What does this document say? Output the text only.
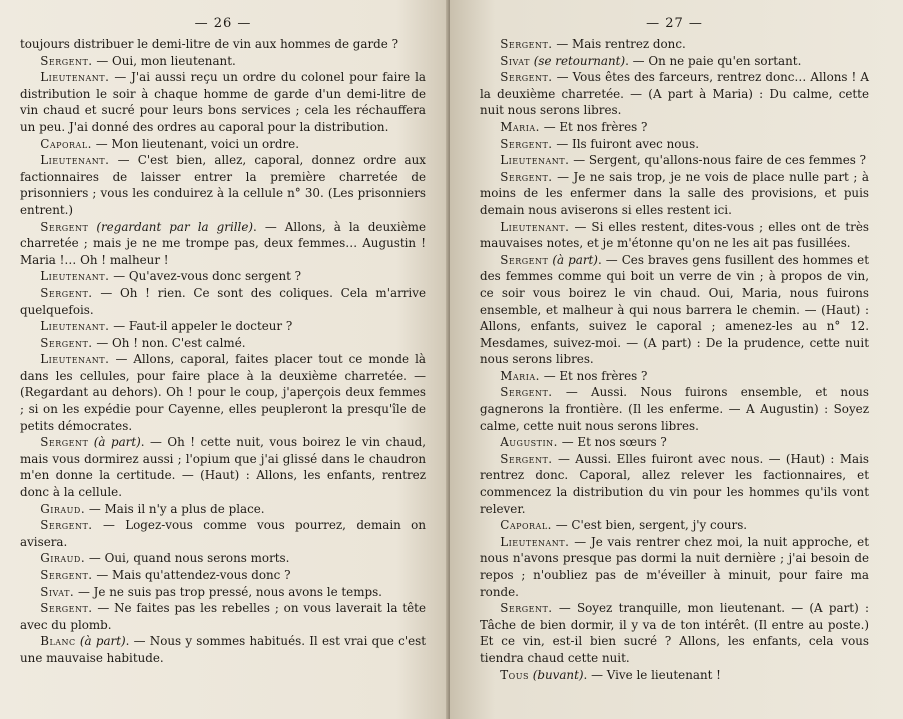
— 26 —

toujours distribuer le demi-litre de vin aux hommes de garde ?

Sergent. — Oui, mon lieutenant.

Lieutenant. — J'ai aussi reçu un ordre du colonel pour faire la distribution le soir à chaque homme de garde d'un demi-litre de vin chaud et sucré pour leurs bons services ; cela les réchauffera un peu. J'ai donné des ordres au caporal pour la distribution.

Caporal. — Mon lieutenant, voici un ordre.

Lieutenant. — C'est bien, allez, caporal, donnez ordre aux factionnaires de laisser entrer la première charretée de prisonniers ; vous les conduirez à la cellule n° 30. (Les prisonniers entrent.)

Sergent (regardant par la grille). — Allons, à la deuxième charretée ; mais je ne me trompe pas, deux femmes… Augustin ! Maria !… Oh ! malheur !

Lieutenant. — Qu'avez-vous donc sergent ?

Sergent. — Oh ! rien. Ce sont des coliques. Cela m'arrive quelquefois.

Lieutenant. — Faut-il appeler le docteur ?

Sergent. — Oh ! non. C'est calmé.

Lieutenant. — Allons, caporal, faites placer tout ce monde là dans les cellules, pour faire place à la deuxième charretée. — (Regardant au dehors). Oh ! pour le coup, j'aperçois deux femmes ; si on les expédie pour Cayenne, elles peupleront la presqu'île de petits démocrates.

Sergent (à part). — Oh ! cette nuit, vous boirez le vin chaud, mais vous dormirez aussi ; l'opium que j'ai glissé dans le chaudron m'en donne la certitude. — (Haut) : Allons, les enfants, rentrez donc à la cellule.

Giraud. — Mais il n'y a plus de place.

Sergent. — Logez-vous comme vous pourrez, demain on avisera.

Giraud. — Oui, quand nous serons morts.

Sergent. — Mais qu'attendez-vous donc ?

Sivat. — Je ne suis pas trop pressé, nous avons le temps.

Sergent. — Ne faites pas les rebelles ; on vous laverait la tête avec du plomb.

Blanc (à part). — Nous y sommes habitués. Il est vrai que c'est une mauvaise habitude.

— 27 —

Sergent. — Mais rentrez donc.

Sivat (se retournant). — On ne paie qu'en sortant.

Sergent. — Vous êtes des farceurs, rentrez donc… Allons ! A la deuxième charretée. — (A part à Maria) : Du calme, cette nuit nous serons libres.

Maria. — Et nos frères ?

Sergent. — Ils fuiront avec nous.

Lieutenant. — Sergent, qu'allons-nous faire de ces femmes ?

Sergent. — Je ne sais trop, je ne vois de place nulle part ; à moins de les enfermer dans la salle des provisions, et puis demain nous aviserons si elles restent ici.

Lieutenant. — Si elles restent, dites-vous ; elles ont de très mauvaises notes, et je m'étonne qu'on ne les ait pas fusillées.

Sergent (à part). — Ces braves gens fusillent des hommes et des femmes comme qui boit un verre de vin ; à propos de vin, ce soir vous boirez le vin chaud. Oui, Maria, nous fuirons ensemble, et malheur à qui nous barrera le chemin. — (Haut) : Allons, enfants, suivez le caporal ; amenez-les au n° 12. Mesdames, suivez-moi. — (A part) : De la prudence, cette nuit nous serons libres.

Maria. — Et nos frères ?

Sergent. — Aussi. Nous fuirons ensemble, et nous gagnerons la frontière. (Il les enferme. — A Augustin) : Soyez calme, cette nuit nous serons libres.

Augustin. — Et nos sœurs ?

Sergent. — Aussi. Elles fuiront avec nous. — (Haut) : Mais rentrez donc. Caporal, allez relever les factionnaires, et commencez la distribution du vin pour les hommes qu'ils vont relever.

Caporal. — C'est bien, sergent, j'y cours.

Lieutenant. — Je vais rentrer chez moi, la nuit approche, et nous n'avons presque pas dormi la nuit dernière ; j'ai besoin de repos ; n'oubliez pas de m'éveiller à minuit, pour faire ma ronde.

Sergent. — Soyez tranquille, mon lieutenant. — (A part) : Tâche de bien dormir, il y va de ton intérêt. (Il entre au poste.) Et ce vin, est-il bien sucré ? Allons, les enfants, cela vous tiendra chaud cette nuit.

Tous (buvant). — Vive le lieutenant !
